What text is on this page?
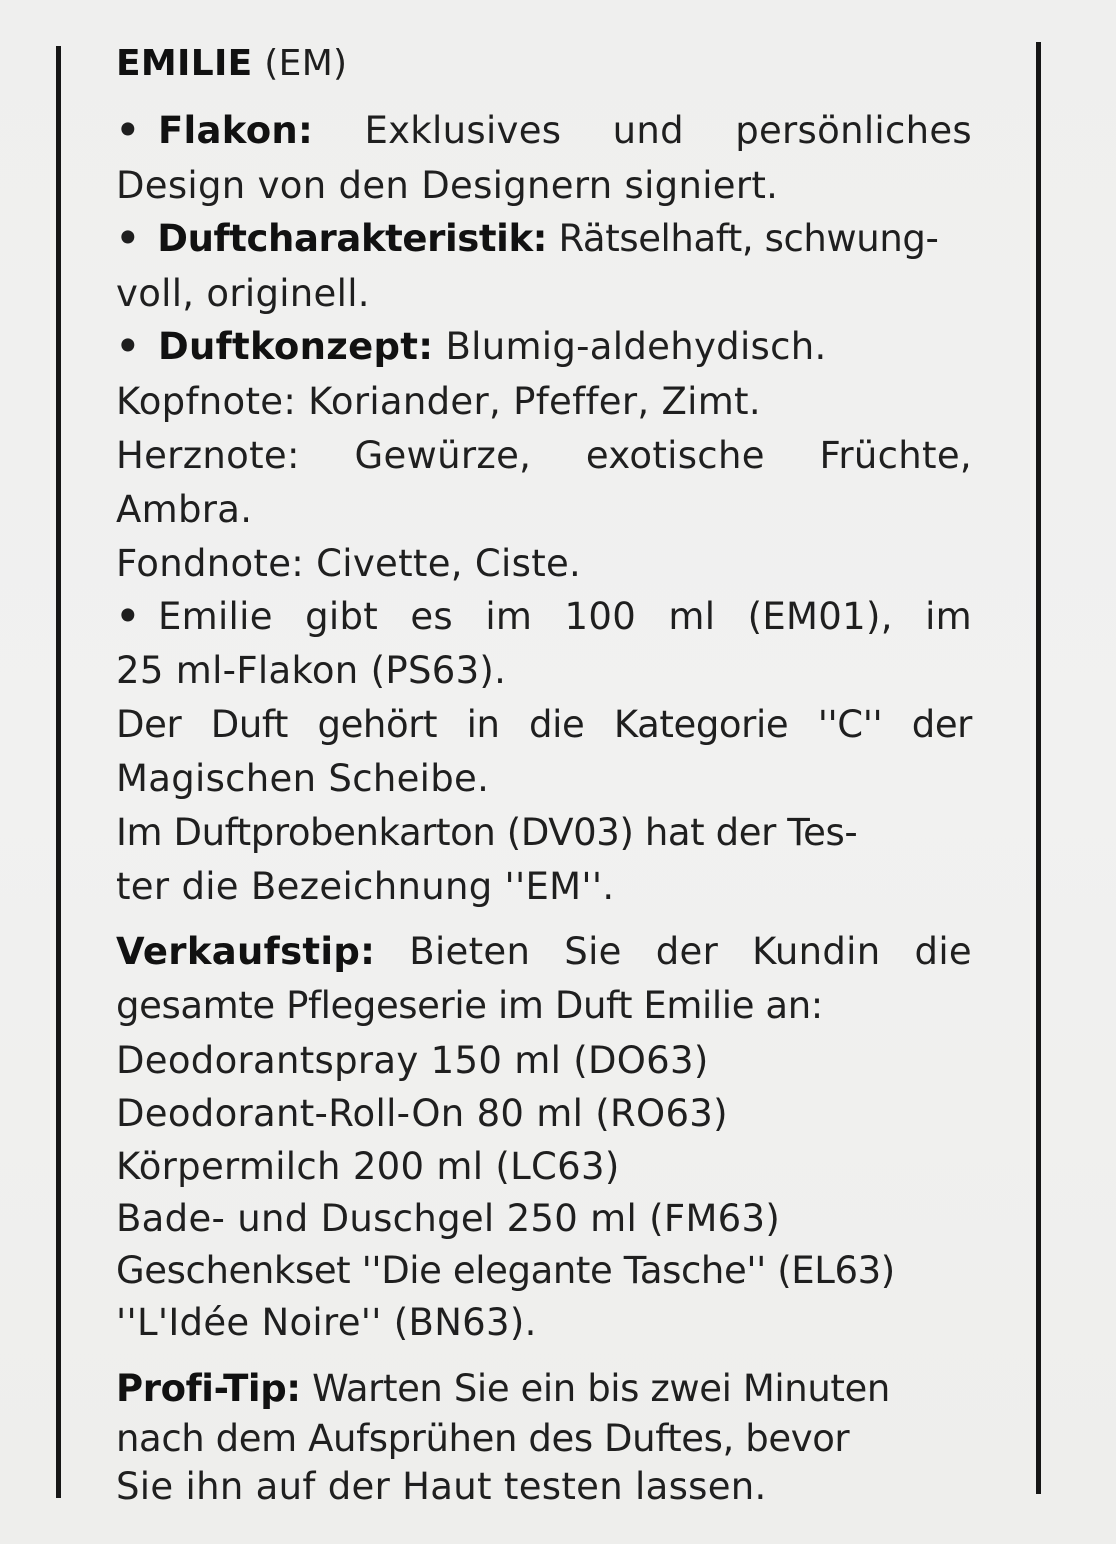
EMILIE (EM)
• Flakon: Exklusives und persönliches
Design von den Designern signiert.
• Duftcharakteristik: Rätselhaft, schwung-
voll, originell.
• Duftkonzept: Blumig-aldehydisch.
Kopfnote: Koriander, Pfeffer, Zimt.
Herznote: Gewürze, exotische Früchte,
Ambra.
Fondnote: Civette, Ciste.
• Emilie gibt es im 100 ml (EM01), im
25 ml-Flakon (PS63).
Der Duft gehört in die Kategorie ''C'' der
Magischen Scheibe.
Im Duftprobenkarton (DV03) hat der Tes-
ter die Bezeichnung ''EM''.
Verkaufstip: Bieten Sie der Kundin die
gesamte Pflegeserie im Duft Emilie an:
Deodorantspray 150 ml (DO63)
Deodorant-Roll-On 80 ml (RO63)
Körpermilch 200 ml (LC63)
Bade- und Duschgel 250 ml (FM63)
Geschenkset ''Die elegante Tasche'' (EL63)
''L'Idée Noire'' (BN63).
Profi-Tip: Warten Sie ein bis zwei Minuten
nach dem Aufsprühen des Duftes, bevor
Sie ihn auf der Haut testen lassen.
